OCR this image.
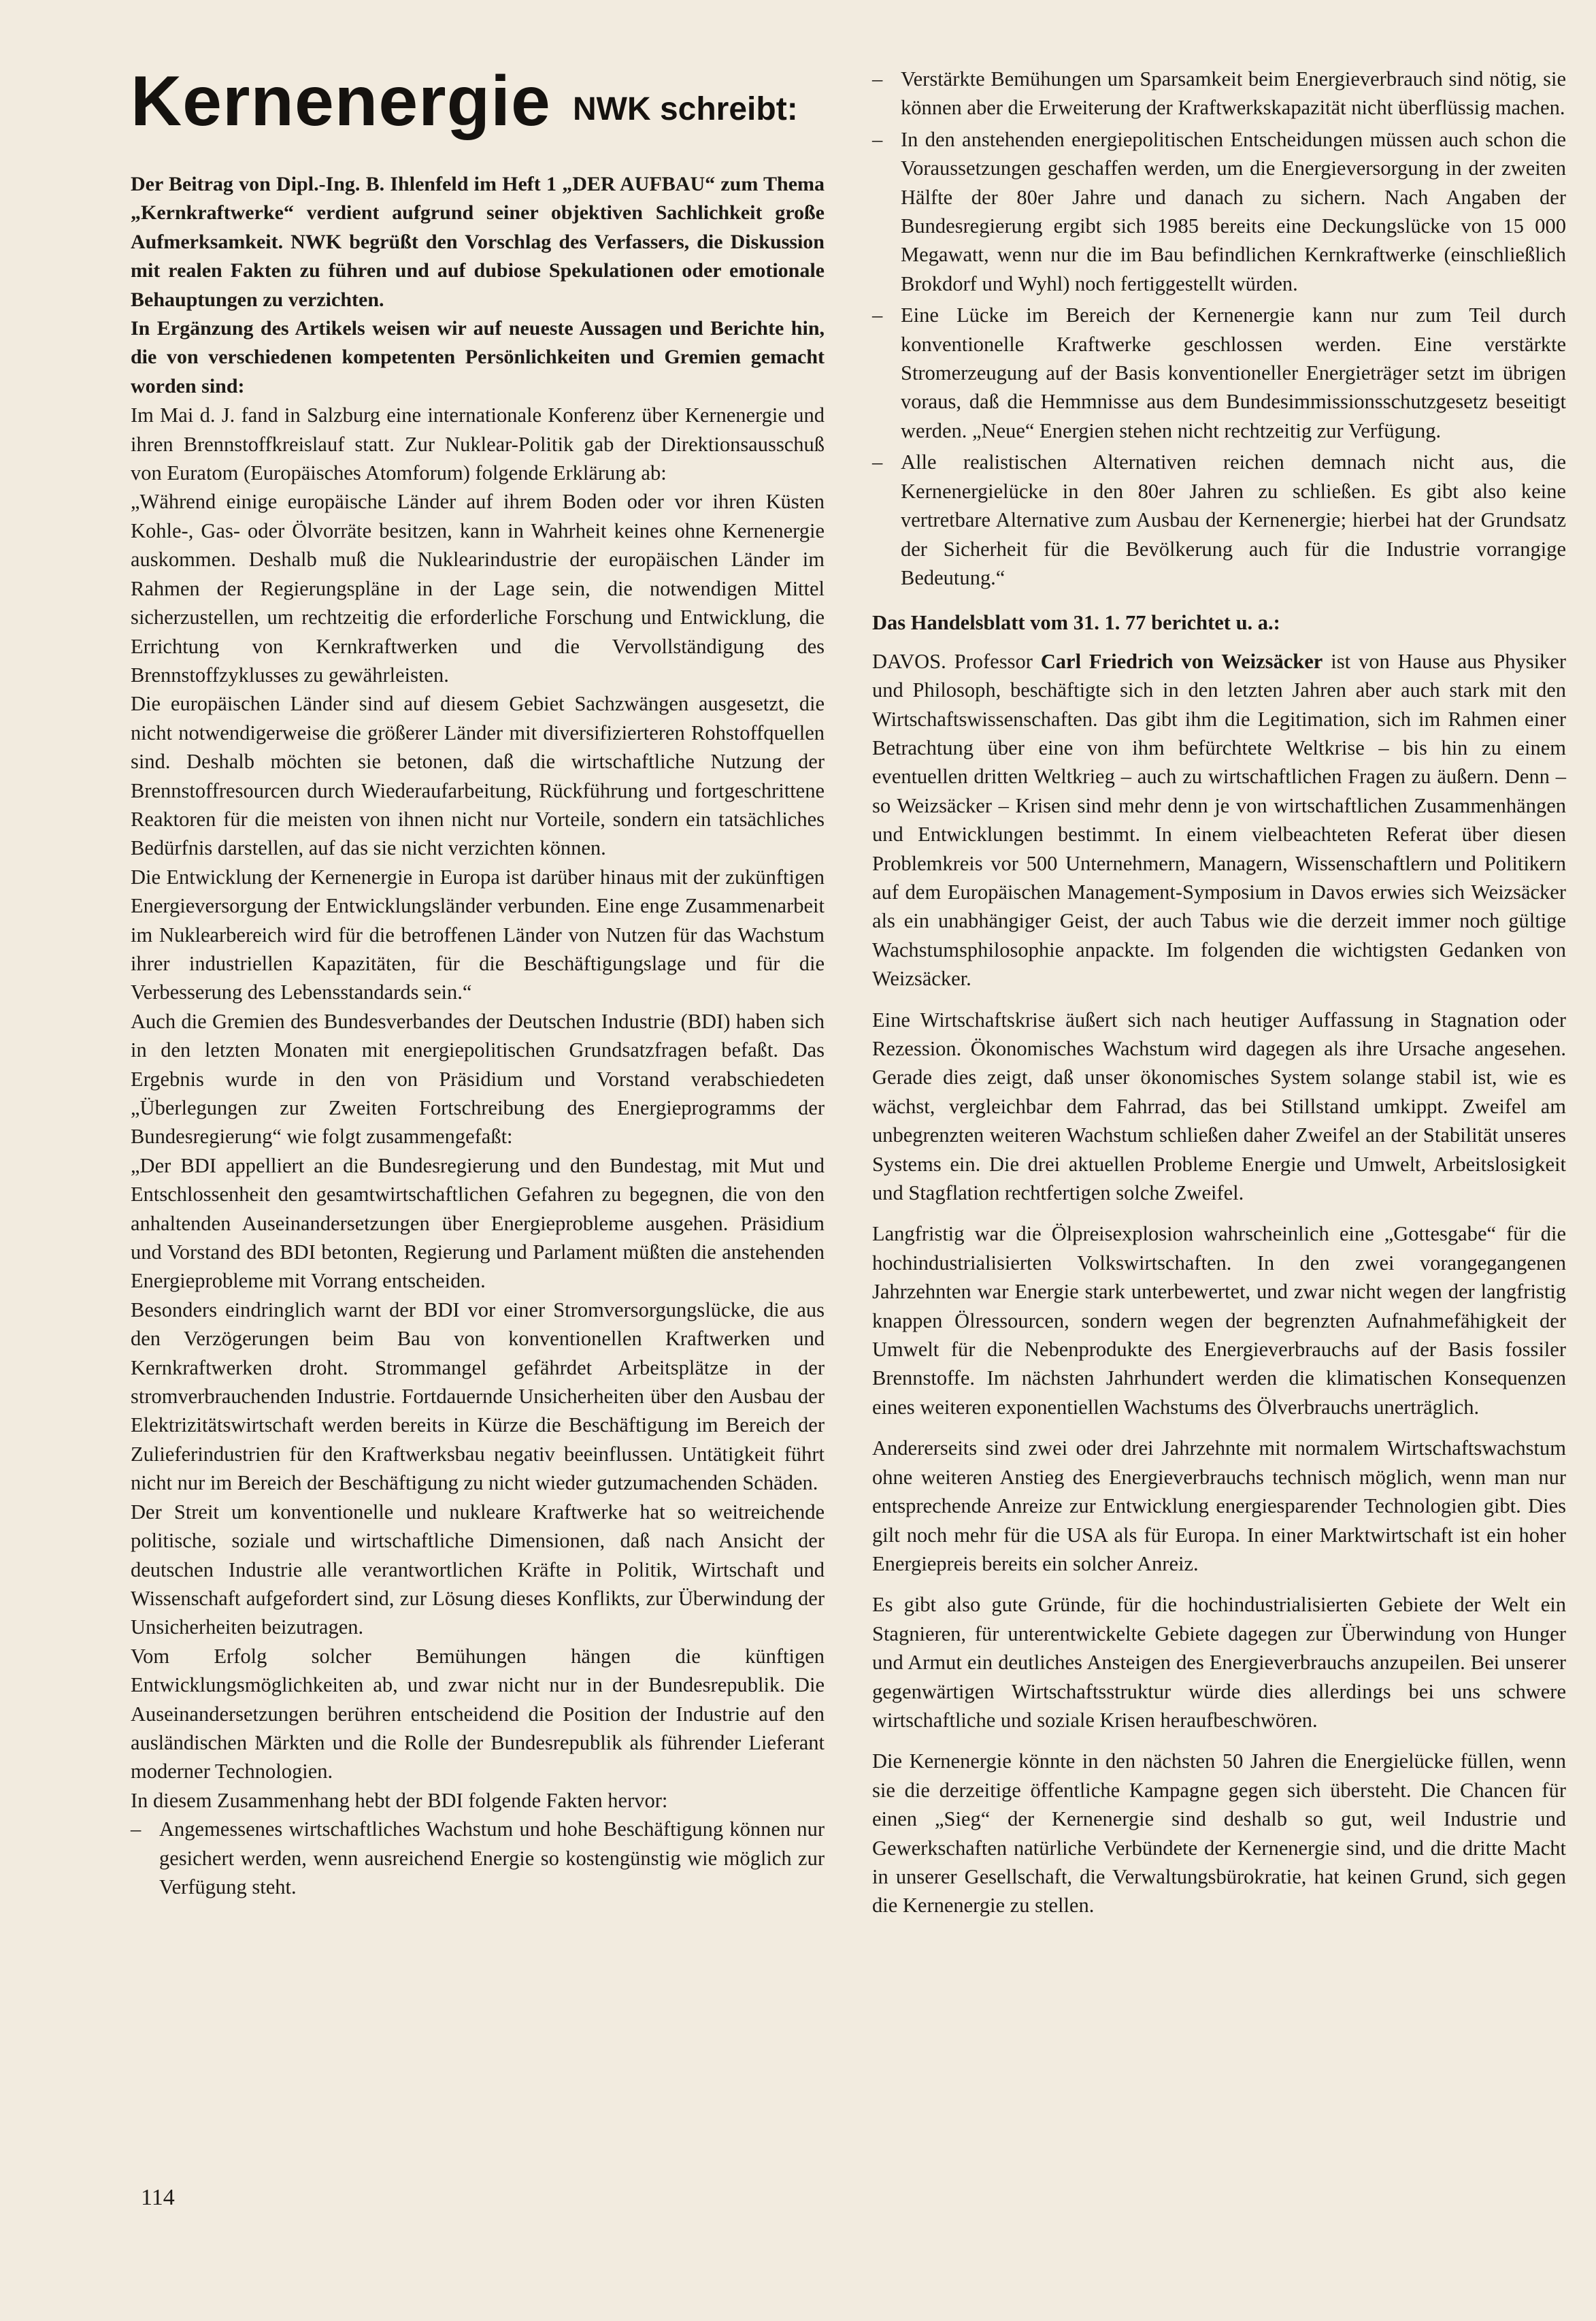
Kernenergie NWK schreibt:

Der Beitrag von Dipl.-Ing. B. Ihlenfeld im Heft 1 „DER AUFBAU“ zum Thema „Kernkraftwerke“ verdient aufgrund seiner objektiven Sachlichkeit große Aufmerksamkeit. NWK begrüßt den Vorschlag des Verfassers, die Diskussion mit realen Fakten zu führen und auf dubiose Spekulationen oder emotionale Behauptungen zu verzichten.

In Ergänzung des Artikels weisen wir auf neueste Aussagen und Berichte hin, die von verschiedenen kompetenten Persönlichkeiten und Gremien gemacht worden sind:

Im Mai d. J. fand in Salzburg eine internationale Konferenz über Kernenergie und ihren Brennstoffkreislauf statt. Zur Nuklear-Politik gab der Direktionsausschuß von Euratom (Europäisches Atomforum) folgende Erklärung ab:

„Während einige europäische Länder auf ihrem Boden oder vor ihren Küsten Kohle-, Gas- oder Ölvorräte besitzen, kann in Wahrheit keines ohne Kernenergie auskommen. Deshalb muß die Nuklearindustrie der europäischen Länder im Rahmen der Regierungspläne in der Lage sein, die notwendigen Mittel sicherzustellen, um rechtzeitig die erforderliche Forschung und Entwicklung, die Errichtung von Kernkraftwerken und die Vervollständigung des Brennstoffzyklusses zu gewährleisten.

Die europäischen Länder sind auf diesem Gebiet Sachzwängen ausgesetzt, die nicht notwendigerweise die größerer Länder mit diversifizierteren Rohstoffquellen sind. Deshalb möchten sie betonen, daß die wirtschaftliche Nutzung der Brennstoffresourcen durch Wiederaufarbeitung, Rückführung und fortgeschrittene Reaktoren für die meisten von ihnen nicht nur Vorteile, sondern ein tatsächliches Bedürfnis darstellen, auf das sie nicht verzichten können.

Die Entwicklung der Kernenergie in Europa ist darüber hinaus mit der zukünftigen Energieversorgung der Entwicklungsländer verbunden. Eine enge Zusammenarbeit im Nuklearbereich wird für die betroffenen Länder von Nutzen für das Wachstum ihrer industriellen Kapazitäten, für die Beschäftigungslage und für die Verbesserung des Lebensstandards sein.“

Auch die Gremien des Bundesverbandes der Deutschen Industrie (BDI) haben sich in den letzten Monaten mit energiepolitischen Grundsatzfragen befaßt. Das Ergebnis wurde in den von Präsidium und Vorstand verabschiedeten „Überlegungen zur Zweiten Fortschreibung des Energieprogramms der Bundesregierung“ wie folgt zusammengefaßt:

„Der BDI appelliert an die Bundesregierung und den Bundestag, mit Mut und Entschlossenheit den gesamtwirtschaftlichen Gefahren zu begegnen, die von den anhaltenden Auseinandersetzungen über Energieprobleme ausgehen. Präsidium und Vorstand des BDI betonten, Regierung und Parlament müßten die anstehenden Energieprobleme mit Vorrang entscheiden.

Besonders eindringlich warnt der BDI vor einer Stromversorgungslücke, die aus den Verzögerungen beim Bau von konventionellen Kraftwerken und Kernkraftwerken droht. Strommangel gefährdet Arbeitsplätze in der stromverbrauchenden Industrie. Fortdauernde Unsicherheiten über den Ausbau der Elektrizitätswirtschaft werden bereits in Kürze die Beschäftigung im Bereich der Zulieferindustrien für den Kraftwerksbau negativ beeinflussen. Untätigkeit führt nicht nur im Bereich der Beschäftigung zu nicht wieder gutzumachenden Schäden.

Der Streit um konventionelle und nukleare Kraftwerke hat so weitreichende politische, soziale und wirtschaftliche Dimensionen, daß nach Ansicht der deutschen Industrie alle verantwortlichen Kräfte in Politik, Wirtschaft und Wissenschaft aufgefordert sind, zur Lösung dieses Konflikts, zur Überwindung der Unsicherheiten beizutragen.

Vom Erfolg solcher Bemühungen hängen die künftigen Entwicklungsmöglichkeiten ab, und zwar nicht nur in der Bundesrepublik. Die Auseinandersetzungen berühren entscheidend die Position der Industrie auf den ausländischen Märkten und die Rolle der Bundesrepublik als führender Lieferant moderner Technologien.

In diesem Zusammenhang hebt der BDI folgende Fakten hervor:

– Angemessenes wirtschaftliches Wachstum und hohe Beschäftigung können nur gesichert werden, wenn ausreichend Energie so kostengünstig wie möglich zur Verfügung steht.
– Verstärkte Bemühungen um Sparsamkeit beim Energieverbrauch sind nötig, sie können aber die Erweiterung der Kraftwerkskapazität nicht überflüssig machen.
– In den anstehenden energiepolitischen Entscheidungen müssen auch schon die Voraussetzungen geschaffen werden, um die Energieversorgung in der zweiten Hälfte der 80er Jahre und danach zu sichern. Nach Angaben der Bundesregierung ergibt sich 1985 bereits eine Deckungslücke von 15 000 Megawatt, wenn nur die im Bau befindlichen Kernkraftwerke (einschließlich Brokdorf und Wyhl) noch fertiggestellt würden.
– Eine Lücke im Bereich der Kernenergie kann nur zum Teil durch konventionelle Kraftwerke geschlossen werden. Eine verstärkte Stromerzeugung auf der Basis konventioneller Energieträger setzt im übrigen voraus, daß die Hemmnisse aus dem Bundesimmissionsschutzgesetz beseitigt werden. „Neue“ Energien stehen nicht rechtzeitig zur Verfügung.
– Alle realistischen Alternativen reichen demnach nicht aus, die Kernenergielücke in den 80er Jahren zu schließen. Es gibt also keine vertretbare Alternative zum Ausbau der Kernenergie; hierbei hat der Grundsatz der Sicherheit für die Bevölkerung auch für die Industrie vorrangige Bedeutung.“
Das Handelsblatt vom 31. 1. 77 berichtet u. a.:

DAVOS. Professor Carl Friedrich von Weizsäcker ist von Hause aus Physiker und Philosoph, beschäftigte sich in den letzten Jahren aber auch stark mit den Wirtschaftswissenschaften. Das gibt ihm die Legitimation, sich im Rahmen einer Betrachtung über eine von ihm befürchtete Weltkrise – bis hin zu einem eventuellen dritten Weltkrieg – auch zu wirtschaftlichen Fragen zu äußern. Denn – so Weizsäcker – Krisen sind mehr denn je von wirtschaftlichen Zusammenhängen und Entwicklungen bestimmt. In einem vielbeachteten Referat über diesen Problemkreis vor 500 Unternehmern, Managern, Wissenschaftlern und Politikern auf dem Europäischen Management-Symposium in Davos erwies sich Weizsäcker als ein unabhängiger Geist, der auch Tabus wie die derzeit immer noch gültige Wachstumsphilosophie anpackte. Im folgenden die wichtigsten Gedanken von Weizsäcker.

Eine Wirtschaftskrise äußert sich nach heutiger Auffassung in Stagnation oder Rezession. Ökonomisches Wachstum wird dagegen als ihre Ursache angesehen. Gerade dies zeigt, daß unser ökonomisches System solange stabil ist, wie es wächst, vergleichbar dem Fahrrad, das bei Stillstand umkippt. Zweifel am unbegrenzten weiteren Wachstum schließen daher Zweifel an der Stabilität unseres Systems ein. Die drei aktuellen Probleme Energie und Umwelt, Arbeitslosigkeit und Stagflation rechtfertigen solche Zweifel.

Langfristig war die Ölpreisexplosion wahrscheinlich eine „Gottesgabe“ für die hochindustrialisierten Volkswirtschaften. In den zwei vorangegangenen Jahrzehnten war Energie stark unterbewertet, und zwar nicht wegen der langfristig knappen Ölressourcen, sondern wegen der begrenzten Aufnahmefähigkeit der Umwelt für die Nebenprodukte des Energieverbrauchs auf der Basis fossiler Brennstoffe. Im nächsten Jahrhundert werden die klimatischen Konsequenzen eines weiteren exponentiellen Wachstums des Ölverbrauchs unerträglich.

Andererseits sind zwei oder drei Jahrzehnte mit normalem Wirtschaftswachstum ohne weiteren Anstieg des Energieverbrauchs technisch möglich, wenn man nur entsprechende Anreize zur Entwicklung energiesparender Technologien gibt. Dies gilt noch mehr für die USA als für Europa. In einer Marktwirtschaft ist ein hoher Energiepreis bereits ein solcher Anreiz.

Es gibt also gute Gründe, für die hochindustrialisierten Gebiete der Welt ein Stagnieren, für unterentwickelte Gebiete dagegen zur Überwindung von Hunger und Armut ein deutliches Ansteigen des Energieverbrauchs anzupeilen. Bei unserer gegenwärtigen Wirtschaftsstruktur würde dies allerdings bei uns schwere wirtschaftliche und soziale Krisen heraufbeschwören.

Die Kernenergie könnte in den nächsten 50 Jahren die Energielücke füllen, wenn sie die derzeitige öffentliche Kampagne gegen sich übersteht. Die Chancen für einen „Sieg“ der Kernenergie sind deshalb so gut, weil Industrie und Gewerkschaften natürliche Verbündete der Kernenergie sind, und die dritte Macht in unserer Gesellschaft, die Verwaltungsbürokratie, hat keinen Grund, sich gegen die Kernenergie zu stellen.

114
